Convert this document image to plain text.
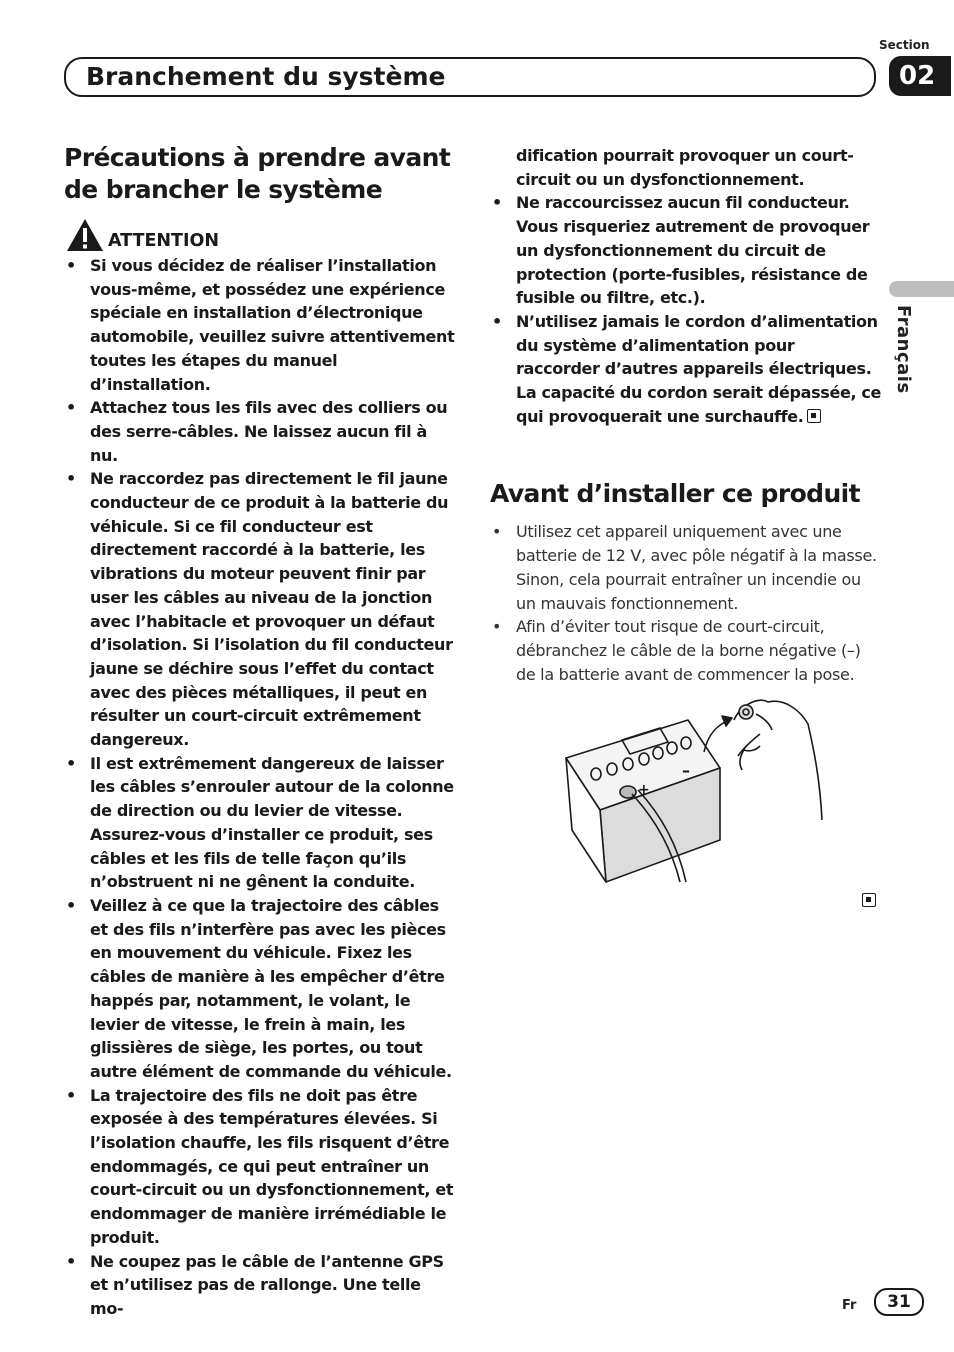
Section
02
Branchement du système
Français
Précautions à prendre avant de brancher le système
ATTENTION
• Si vous décidez de réaliser l’installation vous-même, et possédez une expérience spéciale en installation d’électronique automobile, veuillez suivre attentivement toutes les étapes du manuel d’installation.
• Attachez tous les fils avec des colliers ou des serre-câbles. Ne laissez aucun fil à nu.
• Ne raccordez pas directement le fil jaune conducteur de ce produit à la batterie du véhicule. Si ce fil conducteur est directement raccordé à la batterie, les vibrations du moteur peuvent finir par user les câbles au niveau de la jonction avec l’habitacle et provoquer un défaut d’isolation. Si l’isolation du fil conducteur jaune se déchire sous l’effet du contact avec des pièces métalliques, il peut en résulter un court-circuit extrêmement dangereux.
• Il est extrêmement dangereux de laisser les câbles s’enrouler autour de la colonne de direction ou du levier de vitesse. Assurez-vous d’installer ce produit, ses câbles et les fils de telle façon qu’ils n’obstruent ni ne gênent la conduite.
• Veillez à ce que la trajectoire des câbles et des fils n’interfère pas avec les pièces en mouvement du véhicule. Fixez les câbles de manière à les empêcher d’être happés par, notamment, le volant, le levier de vitesse, le frein à main, les glissières de siège, les portes, ou tout autre élément de commande du véhicule.
• La trajectoire des fils ne doit pas être exposée à des températures élevées. Si l’isolation chauffe, les fils risquent d’être endommagés, ce qui peut entraîner un court-circuit ou un dysfonctionnement, et endommager de manière irrémédiable le produit.
• Ne coupez pas le câble de l’antenne GPS et n’utilisez pas de rallonge. Une telle mo-
dification pourrait provoquer un court-circuit ou un dysfonctionnement.
• Ne raccourcissez aucun fil conducteur. Vous risqueriez autrement de provoquer un dysfonctionnement du circuit de protection (porte-fusibles, résistance de fusible ou filtre, etc.).
• N’utilisez jamais le cordon d’alimentation du système d’alimentation pour raccorder d’autres appareils électriques. La capacité du cordon serait dépassée, ce qui provoquerait une surchauffe.
Avant d’installer ce produit
• Utilisez cet appareil uniquement avec une batterie de 12 V, avec pôle négatif à la masse. Sinon, cela pourrait entraîner un incendie ou un mauvais fonctionnement.
• Afin d’éviter tout risque de court-circuit, débranchez le câble de la borne négative (–) de la batterie avant de commencer la pose.
+
–
Fr	31
